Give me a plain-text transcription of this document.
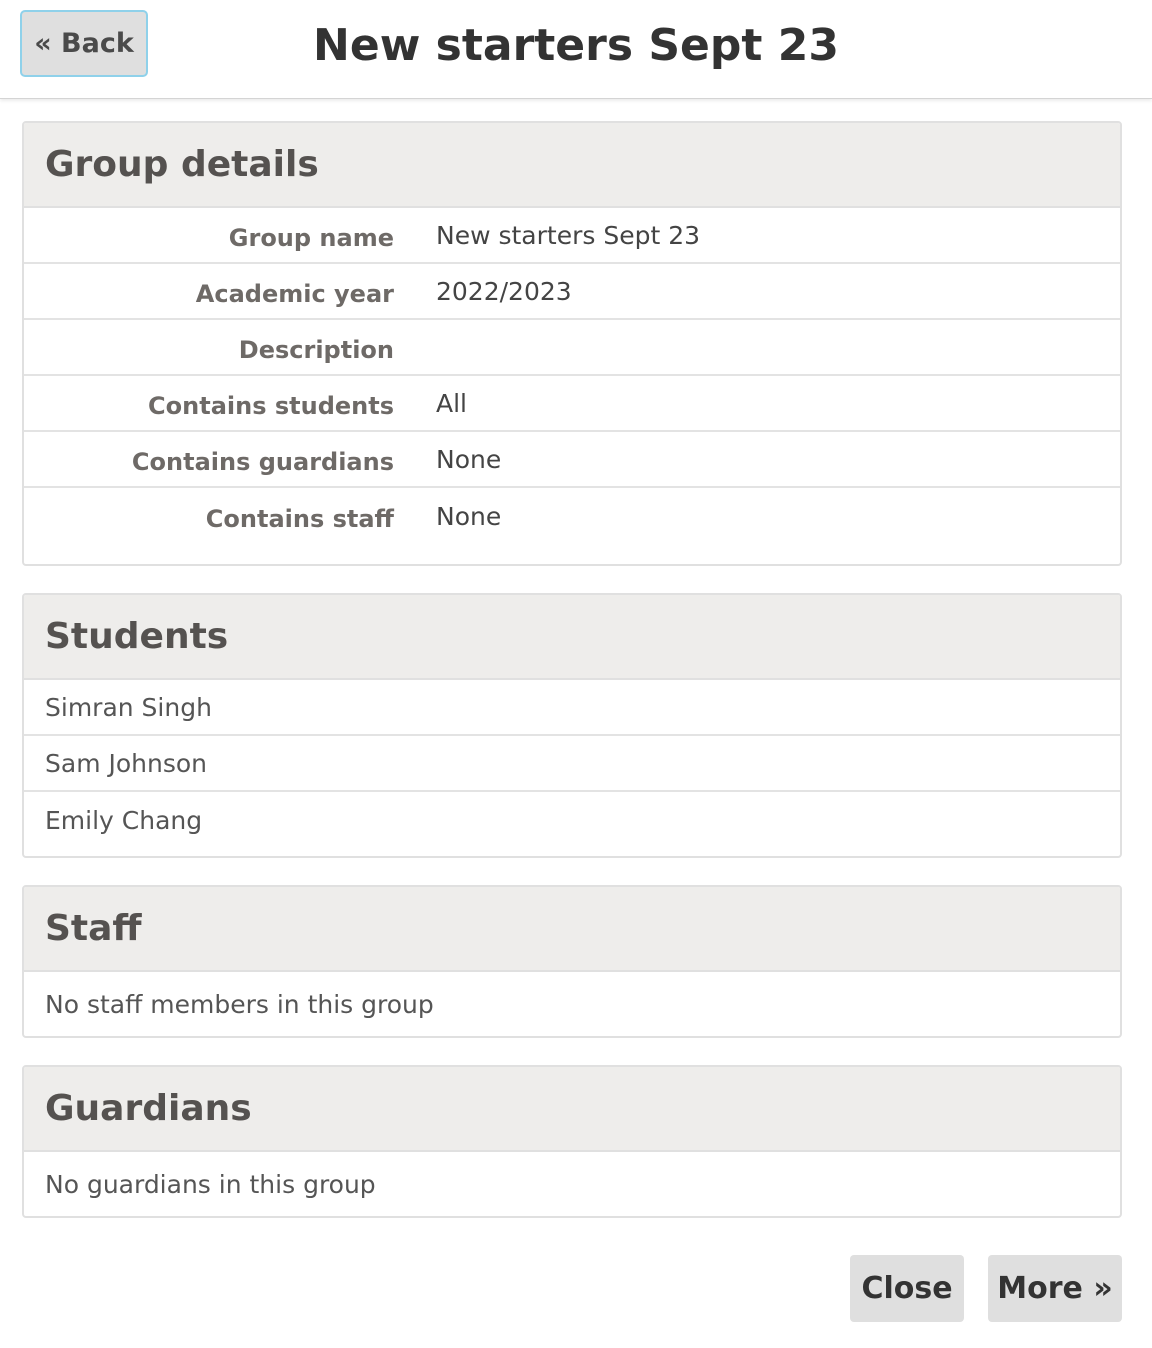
« Back	New starters Sept 23
Group details
Group name	New starters Sept 23
Academic year	2022/2023
Description
Contains students	All
Contains guardians	None
Contains staff	None
Students
Simran Singh
Sam Johnson
Emily Chang
Staff
No staff members in this group
Guardians
No guardians in this group
Close	More »
